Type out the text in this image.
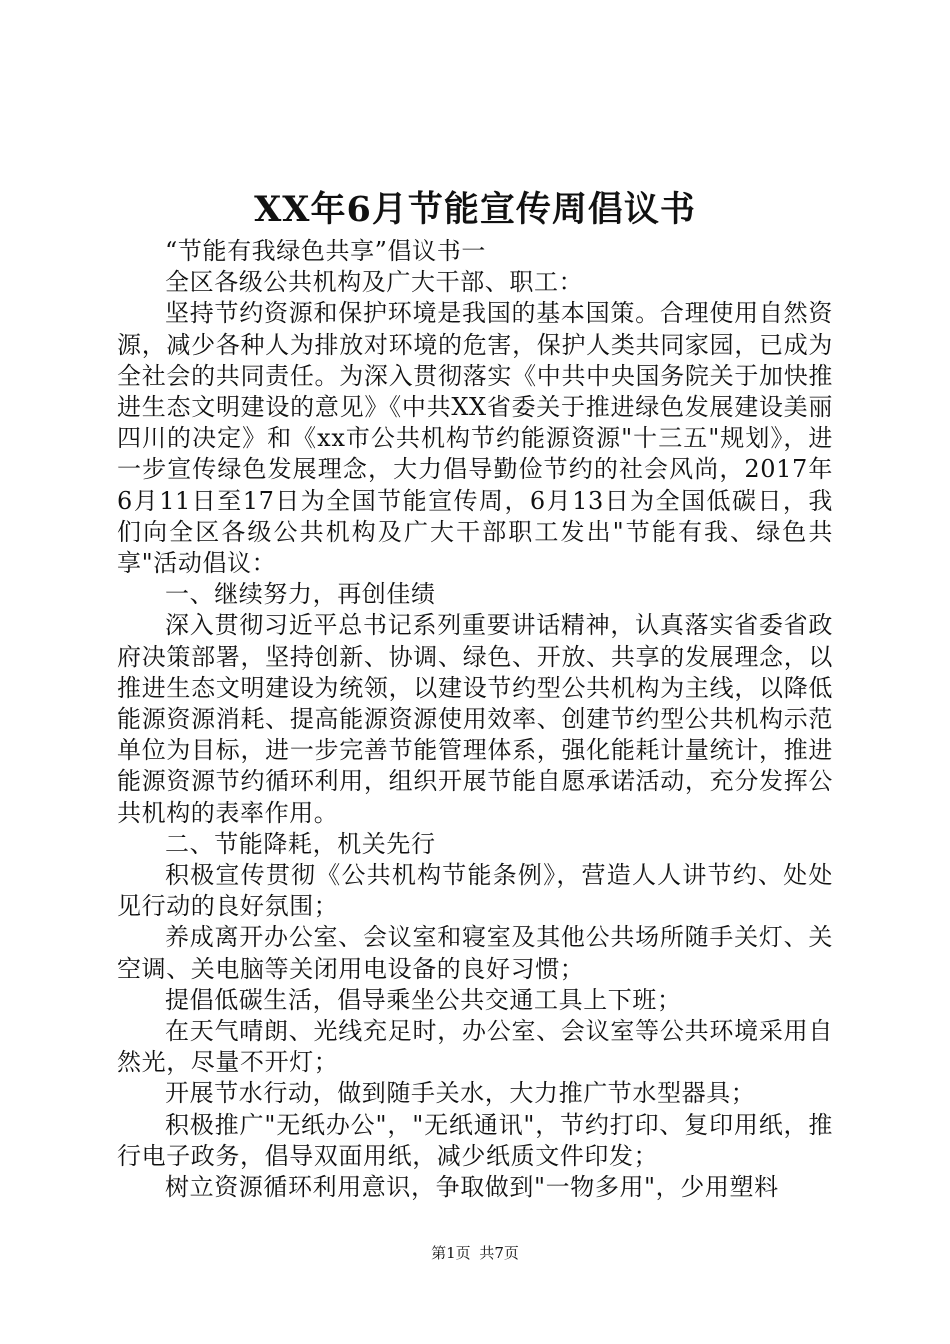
XX年6月节能宣传周倡议书

“节能有我绿色共享”倡议书一

全区各级公共机构及广大干部、职工：

坚持节约资源和保护环境是我国的基本国策。合理使用自然资源，减少各种人为排放对环境的危害，保护人类共同家园，已成为全社会的共同责任。为深入贯彻落实《中共中央国务院关于加快推进生态文明建设的意见》《中共XX省委关于推进绿色发展建设美丽四川的决定》和《xx市公共机构节约能源资源"十三五"规划》，进一步宣传绿色发展理念，大力倡导勤俭节约的社会风尚，2017年6月11日至17日为全国节能宣传周，6月13日为全国低碳日，我们向全区各级公共机构及广大干部职工发出"节能有我、绿色共享"活动倡议：

一、继续努力，再创佳绩

深入贯彻习近平总书记系列重要讲话精神，认真落实省委省政府决策部署，坚持创新、协调、绿色、开放、共享的发展理念，以推进生态文明建设为统领，以建设节约型公共机构为主线，以降低能源资源消耗、提高能源资源使用效率、创建节约型公共机构示范单位为目标，进一步完善节能管理体系，强化能耗计量统计，推进能源资源节约循环利用，组织开展节能自愿承诺活动，充分发挥公共机构的表率作用。

二、节能降耗，机关先行

积极宣传贯彻《公共机构节能条例》，营造人人讲节约、处处见行动的良好氛围；

养成离开办公室、会议室和寝室及其他公共场所随手关灯、关空调、关电脑等关闭用电设备的良好习惯；

提倡低碳生活，倡导乘坐公共交通工具上下班；

在天气晴朗、光线充足时，办公室、会议室等公共环境采用自然光，尽量不开灯；

开展节水行动，做到随手关水，大力推广节水型器具；

积极推广"无纸办公"，"无纸通讯"，节约打印、复印用纸，推行电子政务，倡导双面用纸，减少纸质文件印发；

树立资源循环利用意识，争取做到"一物多用"，少用塑料

第1页 共7页
